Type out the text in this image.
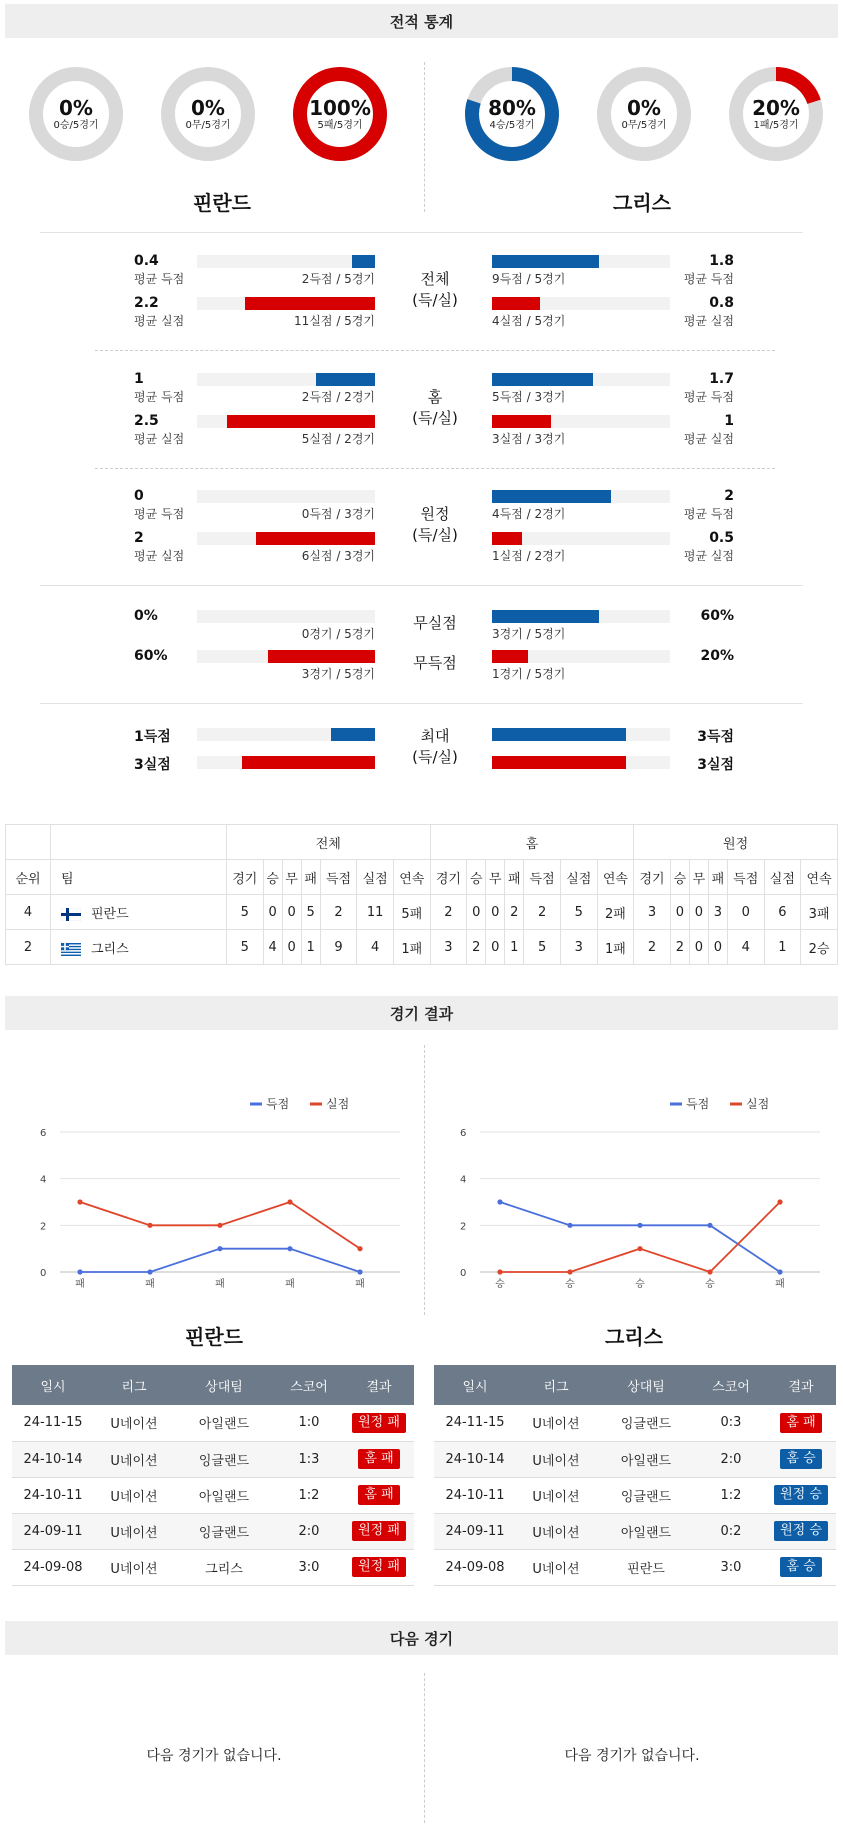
전적 통계
0%
0승/5경기
0%
0무/5경기
100%
5패/5경기
80%
4승/5경기
0%
0무/5경기
20%
1패/5경기
핀란드	그리스
전체
(득/실)
0.4
평균 득점	2득점 / 5경기
2.2
평균 실점	11실점 / 5경기
9득점 / 5경기
1.8
평균 득점
4실점 / 5경기
0.8
평균 실점
홈
(득/실)
1
평균 득점	2득점 / 2경기
2.5
평균 실점	5실점 / 2경기
5득점 / 3경기
1.7
평균 득점
3실점 / 3경기
1
평균 실점
원정
(득/실)
0
평균 득점	0득점 / 3경기
2
평균 실점	6실점 / 3경기
4득점 / 2경기
2
평균 득점
1실점 / 2경기
0.5
평균 실점
무실점
0%
0경기 / 5경기	3경기 / 5경기
60%
무득점
60%
3경기 / 5경기	1경기 / 5경기
20%
최대
(득/실)
1득점	3득점
3실점	3실점
		전체							홈							원정						
순위	팀	경기	승	무	패	득점	실점	연속	경기	승	무	패	득점	실점	연속	경기	승	무	패	득점	실점	연속
4	핀란드	5	0	0	5	2	11	5패	2	0	0	2	2	5	2패	3	0	0	3	0	6	3패
2	그리스	5	4	0	1	9	4	1패	3	2	0	1	5	3	1패	2	2	0	0	4	1	2승
경기 결과
득점	실점
0
2
4
6
패	패	패	패	패
득점	실점
0
2
4
6
승	승	승	승	패
핀란드	그리스
일시	리그	상대팀	스코어	결과
24-11-15	U네이션	아일랜드	1:0	원정 패
24-10-14	U네이션	잉글랜드	1:3	홈 패
24-10-11	U네이션	아일랜드	1:2	홈 패
24-09-11	U네이션	잉글랜드	2:0	원정 패
24-09-08	U네이션	그리스	3:0	원정 패
일시	리그	상대팀	스코어	결과
24-11-15	U네이션	잉글랜드	0:3	홈 패
24-10-14	U네이션	아일랜드	2:0	홈 승
24-10-11	U네이션	잉글랜드	1:2	원정 승
24-09-11	U네이션	아일랜드	0:2	원정 승
24-09-08	U네이션	핀란드	3:0	홈 승
다음 경기
다음 경기가 없습니다.	다음 경기가 없습니다.
